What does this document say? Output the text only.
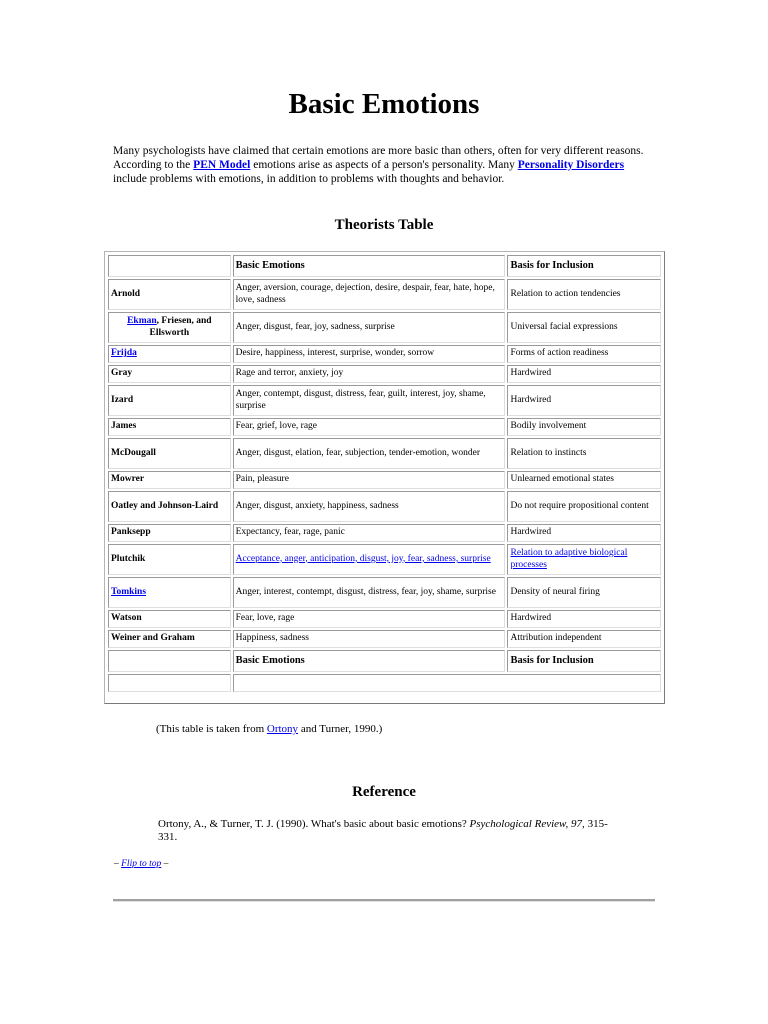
Basic Emotions

Many psychologists have claimed that certain emotions are more basic than others, often for very different reasons. According to the PEN Model emotions arise as aspects of a person's personality. Many Personality Disorders include problems with emotions, in addition to problems with thoughts and behavior.

Theorists Table
	Basic Emotions	Basis for Inclusion
Arnold	Anger, aversion, courage, dejection, desire, despair, fear, hate, hope, love, sadness	Relation to action tendencies
Ekman, Friesen, and Ellsworth	Anger, disgust, fear, joy, sadness, surprise	Universal facial expressions
Frijda	Desire, happiness, interest, surprise, wonder, sorrow	Forms of action readiness
Gray	Rage and terror, anxiety, joy	Hardwired
Izard	Anger, contempt, disgust, distress, fear, guilt, interest, joy, shame, surprise	Hardwired
James	Fear, grief, love, rage	Bodily involvement
McDougall	Anger, disgust, elation, fear, subjection, tender-emotion, wonder	Relation to instincts
Mowrer	Pain, pleasure	Unlearned emotional states
Oatley and Johnson-Laird	Anger, disgust, anxiety, happiness, sadness	Do not require propositional content
Panksepp	Expectancy, fear, rage, panic	Hardwired
Plutchik	Acceptance, anger, anticipation, disgust, joy, fear, sadness, surprise	Relation to adaptive biological processes
Tomkins	Anger, interest, contempt, disgust, distress, fear, joy, shame, surprise	Density of neural firing
Watson	Fear, love, rage	Hardwired
Weiner and Graham	Happiness, sadness	Attribution independent
	Basic Emotions	Basis for Inclusion

(This table is taken from Ortony and Turner, 1990.)

Reference

Ortony, A., & Turner, T. J. (1990). What's basic about basic emotions? Psychological Review, 97, 315-331.

– Flip to top –
